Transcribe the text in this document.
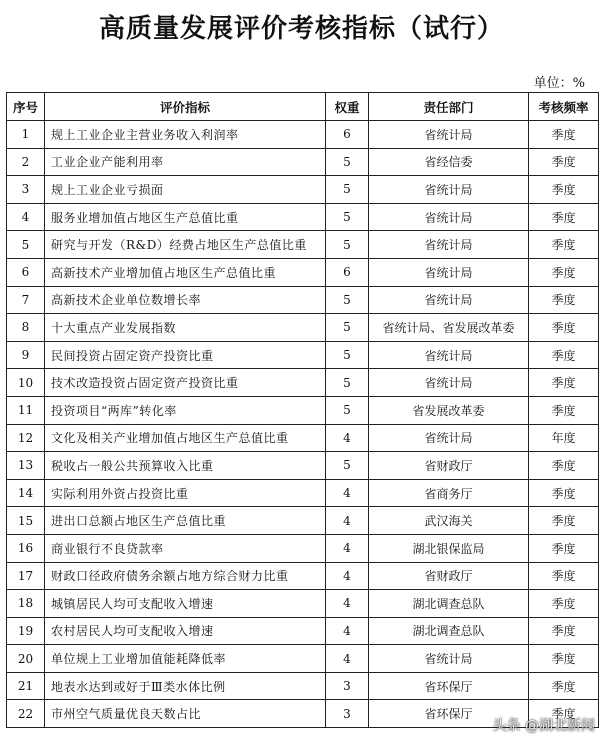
高质量发展评价考核指标（试行）
单位：%
序号	评价指标	权重	责任部门	考核频率
1	规上工业企业主营业务收入利润率	6	省统计局	季度
2	工业企业产能利用率	5	省经信委	季度
3	规上工业企业亏损面	5	省统计局	季度
4	服务业增加值占地区生产总值比重	5	省统计局	季度
5	研究与开发（R&D）经费占地区生产总值比重	5	省统计局	季度
6	高新技术产业增加值占地区生产总值比重	6	省统计局	季度
7	高新技术企业单位数增长率	5	省统计局	季度
8	十大重点产业发展指数	5	省统计局、省发展改革委	季度
9	民间投资占固定资产投资比重	5	省统计局	季度
10	技术改造投资占固定资产投资比重	5	省统计局	季度
11	投资项目“两库”转化率	5	省发展改革委	季度
12	文化及相关产业增加值占地区生产总值比重	4	省统计局	年度
13	税收占一般公共预算收入比重	5	省财政厅	季度
14	实际利用外资占投资比重	4	省商务厅	季度
15	进出口总额占地区生产总值比重	4	武汉海关	季度
16	商业银行不良贷款率	4	湖北银保监局	季度
17	财政口径政府债务余额占地方综合财力比重	4	省财政厅	季度
18	城镇居民人均可支配收入增速	4	湖北调查总队	季度
19	农村居民人均可支配收入增速	4	湖北调查总队	季度
20	单位规上工业增加值能耗降低率	4	省统计局	季度
21	地表水达到或好于Ⅲ类水体比例	3	省环保厅	季度
22	市州空气质量优良天数占比	3	省环保厅	季度
头条 @湖北新闻
